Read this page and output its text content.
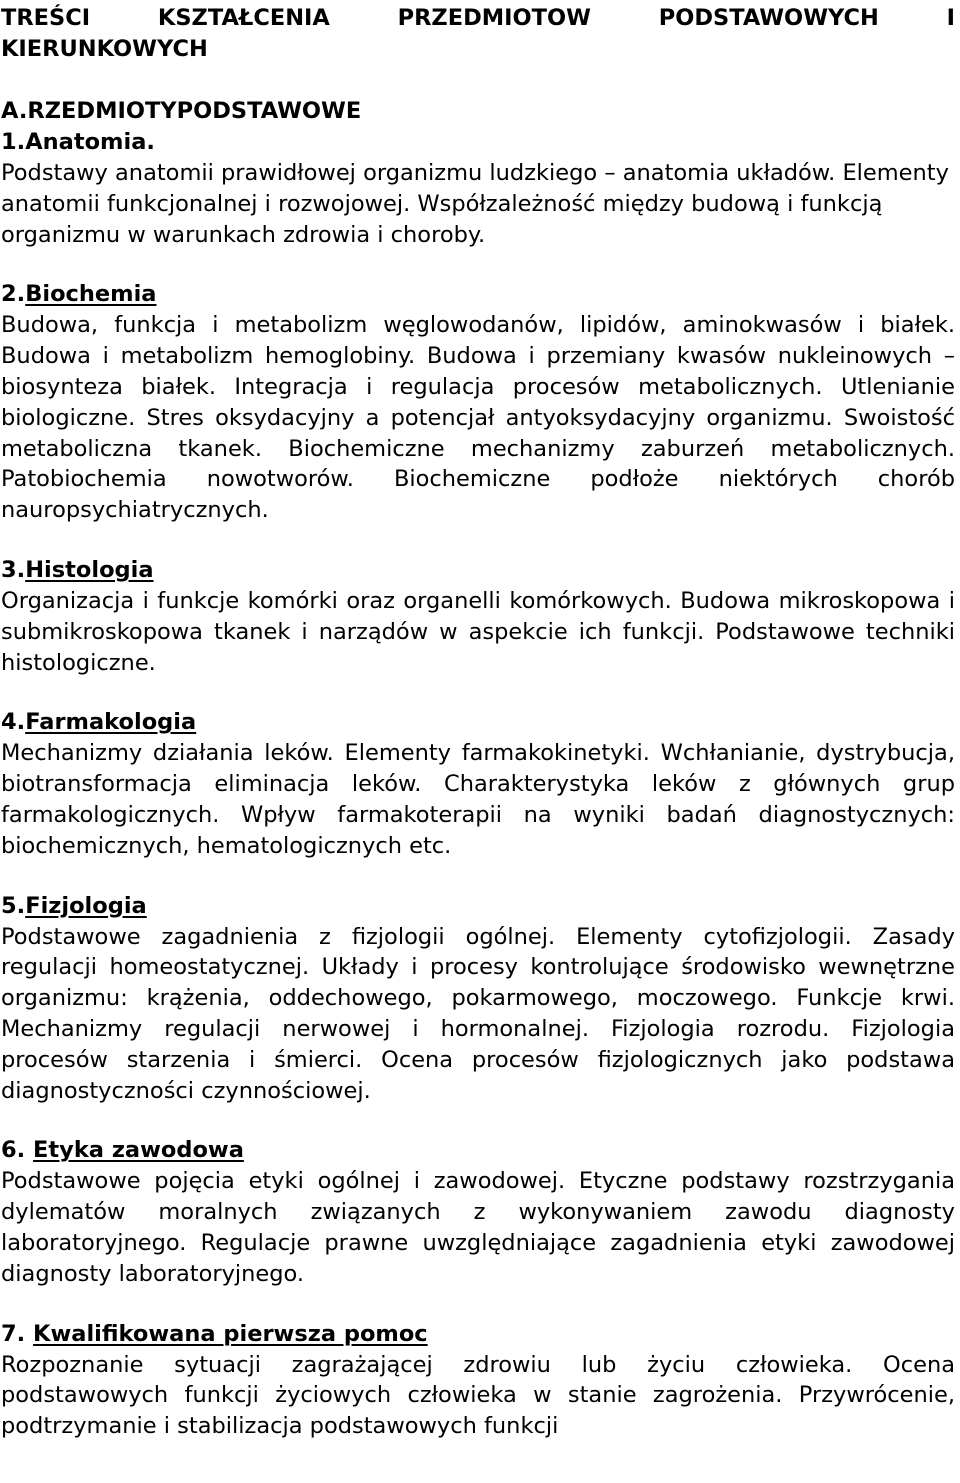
TREŚCI KSZTAŁCENIA PRZEDMIOTOW PODSTAWOWYCH I
KIERUNKOWYCH
A.RZEDMIOTYPODSTAWOWE
1.Anatomia.

Podstawy anatomii prawidłowej organizmu ludzkiego – anatomia układów. Elementy anatomii funkcjonalnej i rozwojowej. Współzależność między budową i funkcją organizmu w warunkach zdrowia i choroby.

2.Biochemia

Budowa, funkcja i metabolizm węglowodanów, lipidów, aminokwasów i białek. Budowa i metabolizm hemoglobiny. Budowa i przemiany kwasów nukleinowych – biosynteza białek. Integracja i regulacja procesów metabolicznych. Utlenianie biologiczne. Stres oksydacyjny a potencjał antyoksydacyjny organizmu. Swoistość metaboliczna tkanek. Biochemiczne mechanizmy zaburzeń metabolicznych. Patobiochemia nowotworów. Biochemiczne podłoże niektórych chorób nauropsychiatrycznych.

3.Histologia

Organizacja i funkcje komórki oraz organelli komórkowych. Budowa mikroskopowa i submikroskopowa tkanek i narządów w aspekcie ich funkcji. Podstawowe techniki histologiczne.

4.Farmakologia

Mechanizmy działania leków. Elementy farmakokinetyki. Wchłanianie, dystrybucja, biotransformacja eliminacja leków. Charakterystyka leków z głównych grup farmakologicznych. Wpływ farmakoterapii na wyniki badań diagnostycznych: biochemicznych, hematologicznych etc.

5.Fizjologia

Podstawowe zagadnienia z fizjologii ogólnej. Elementy cytofizjologii. Zasady regulacji homeostatycznej. Układy i procesy kontrolujące środowisko wewnętrzne organizmu: krążenia, oddechowego, pokarmowego, moczowego. Funkcje krwi. Mechanizmy regulacji nerwowej i hormonalnej. Fizjologia rozrodu. Fizjologia procesów starzenia i śmierci. Ocena procesów fizjologicznych jako podstawa diagnostyczności czynnościowej.

6. Etyka zawodowa

Podstawowe pojęcia etyki ogólnej i zawodowej. Etyczne podstawy rozstrzygania dylematów moralnych związanych z wykonywaniem zawodu diagnosty laboratoryjnego. Regulacje prawne uwzględniające zagadnienia etyki zawodowej diagnosty laboratoryjnego.

7. Kwalifikowana pierwsza pomoc

Rozpoznanie sytuacji zagrażającej zdrowiu lub życiu człowieka. Ocena podstawowych funkcji życiowych człowieka w stanie zagrożenia. Przywrócenie, podtrzymanie i stabilizacja podstawowych funkcji
